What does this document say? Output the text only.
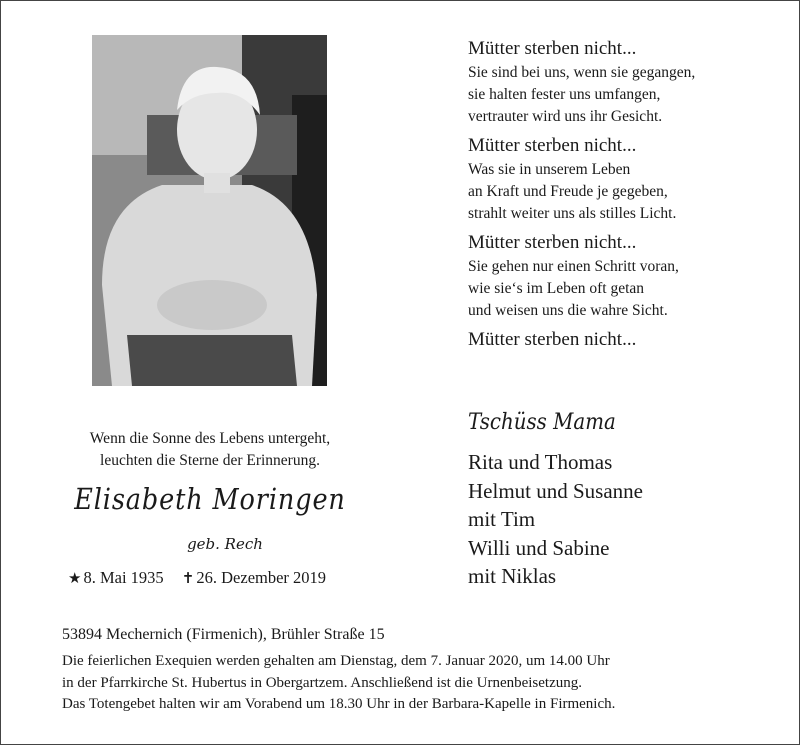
Mütter sterben nicht...
Sie sind bei uns, wenn sie gegangen,
sie halten fester uns umfangen,
vertrauter wird uns ihr Gesicht.
Mütter sterben nicht...
Was sie in unserem Leben
an Kraft und Freude je gegeben,
strahlt weiter uns als stilles Licht.
Mütter sterben nicht...
Sie gehen nur einen Schritt voran,
wie sie‘s im Leben oft getan
und weisen uns die wahre Sicht.
Mütter sterben nicht...
Wenn die Sonne des Lebens untergeht,
leuchten die Sterne der Erinnerung.
Elisabeth Moringen
geb. Rech
★ 8. Mai 1935 ✝ 26. Dezember 2019
Tschüss Mama
Rita und Thomas
Helmut und Susanne
mit Tim
Willi und Sabine
mit Niklas
53894 Mechernich (Firmenich), Brühler Straße 15
Die feierlichen Exequien werden gehalten am Dienstag, dem 7. Januar 2020, um 14.00 Uhr
in der Pfarrkirche St. Hubertus in Obergartzem. Anschließend ist die Urnenbeisetzung.
Das Totengebet halten wir am Vorabend um 18.30 Uhr in der Barbara-Kapelle in Firmenich.
